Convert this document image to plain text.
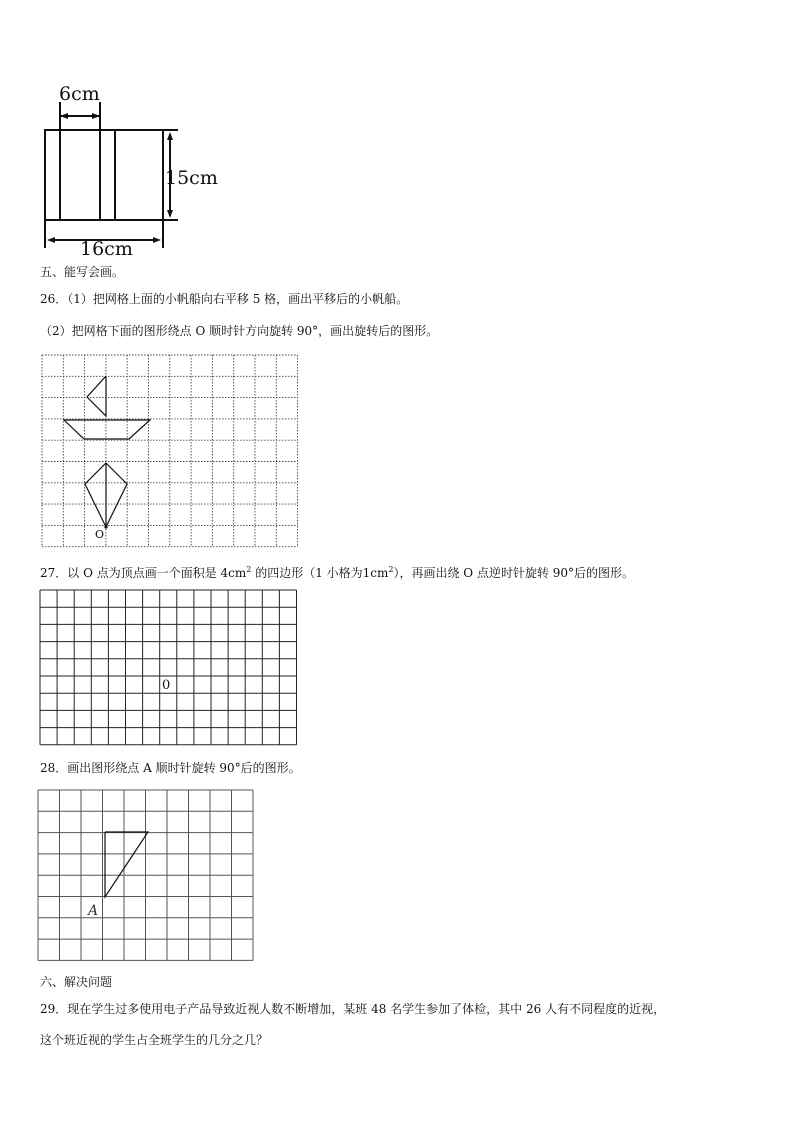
6cm
15cm
16cm
五、能写会画。
26．（1）把网格上面的小帆船向右平移 5 格，画出平移后的小帆船。
（2）把网格下面的图形绕点 O 顺时针方向旋转 90°，画出旋转后的图形。
O
27．以 O 点为顶点画一个面积是 $4cm^2$ 的四边形（1 小格为$1cm^2$），再画出绕 O 点逆时针旋转 90°后的图形。
0
28．画出图形绕点 A 顺时针旋转 90°后的图形。
A
六、解决问题
29．现在学生过多使用电子产品导致近视人数不断增加，某班 48 名学生参加了体检，其中 26 人有不同程度的近视，
这个班近视的学生占全班学生的几分之几？
